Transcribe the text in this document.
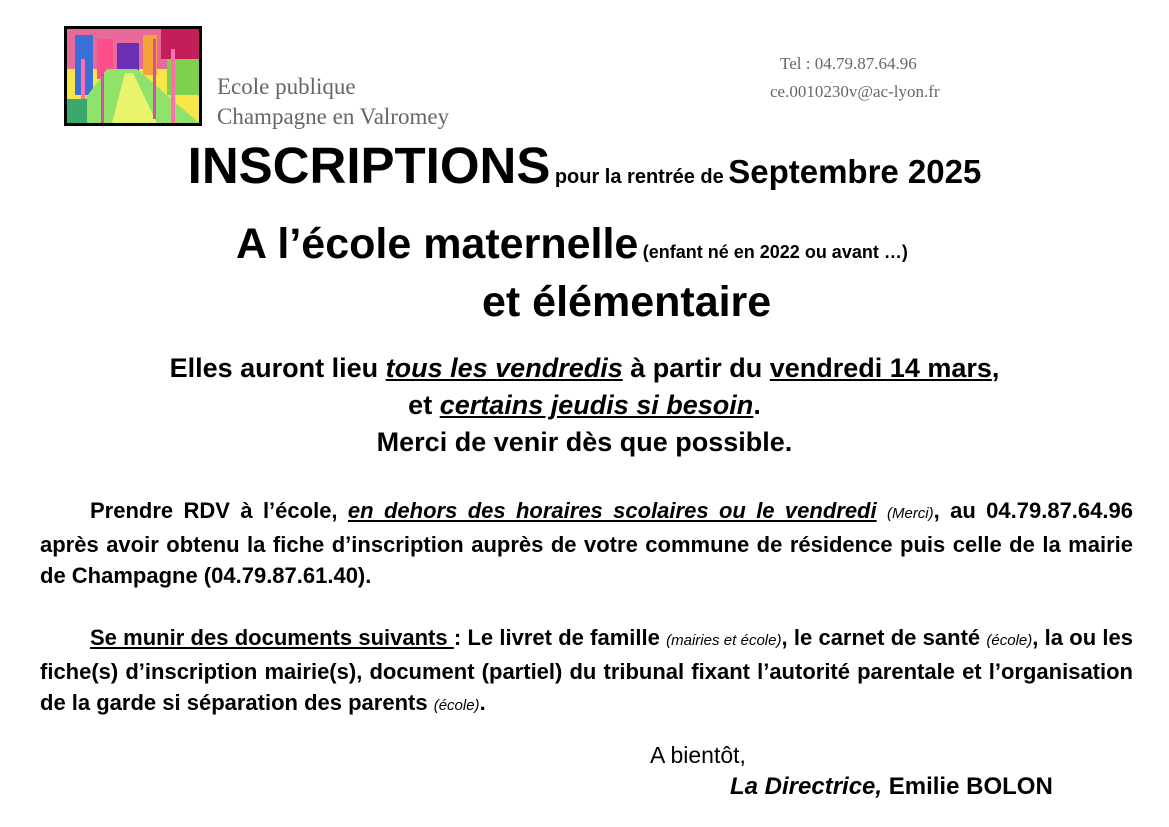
Ecole publique
Champagne en Valromey
Tel : 04.79.87.64.96
ce.0010230v@ac-lyon.fr
INSCRIPTIONS pour la rentrée de Septembre 2025
A l’école maternelle (enfant né en 2022 ou avant …)
et élémentaire
Elles auront lieu tous les vendredis à partir du vendredi 14 mars,
et certains jeudis si besoin.
Merci de venir dès que possible.
Prendre RDV à l’école, en dehors des horaires scolaires ou le vendredi (Merci), au 04.79.87.64.96 après avoir obtenu la fiche d’inscription auprès de votre commune de résidence puis celle de la mairie de Champagne (04.79.87.61.40).
Se munir des documents suivants : Le livret de famille (mairies et école), le carnet de santé (école), la ou les fiche(s) d’inscription mairie(s), document (partiel) du tribunal fixant l’autorité parentale et l’organisation de la garde si séparation des parents (école).
A bientôt,
La Directrice, Emilie BOLON
